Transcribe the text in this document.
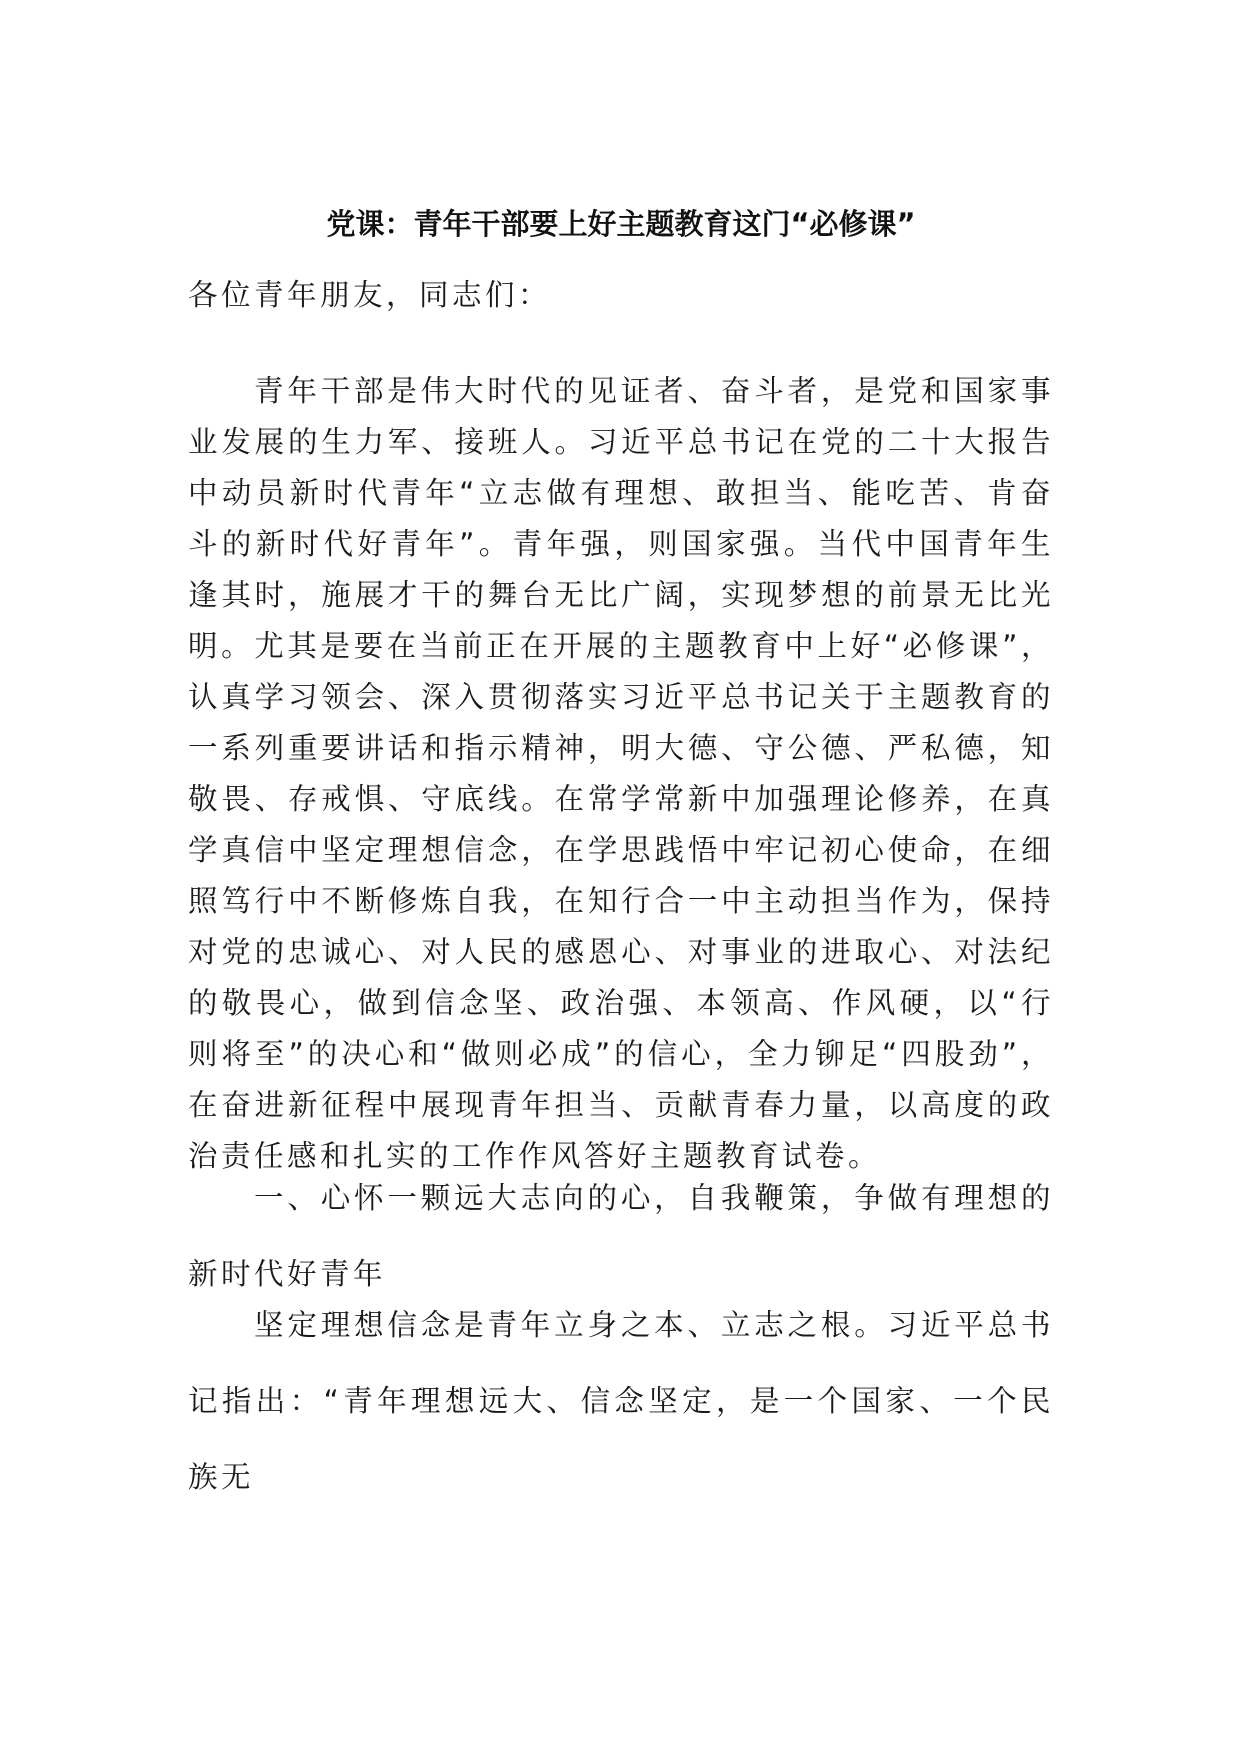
党课：青年干部要上好主题教育这门“必修课”
各位青年朋友，同志们：
青年干部是伟大时代的见证者、奋斗者，是党和国家事业发展的生力军、接班人。习近平总书记在党的二十大报告中动员新时代青年“立志做有理想、敢担当、能吃苦、肯奋斗的新时代好青年”。青年强，则国家强。当代中国青年生逢其时，施展才干的舞台无比广阔，实现梦想的前景无比光明。尤其是要在当前正在开展的主题教育中上好“必修课”，认真学习领会、深入贯彻落实习近平总书记关于主题教育的一系列重要讲话和指示精神，明大德、守公德、严私德，知敬畏、存戒惧、守底线。在常学常新中加强理论修养，在真学真信中坚定理想信念，在学思践悟中牢记初心使命，在细照笃行中不断修炼自我，在知行合一中主动担当作为，保持对党的忠诚心、对人民的感恩心、对事业的进取心、对法纪的敬畏心，做到信念坚、政治强、本领高、作风硬，以“行则将至”的决心和“做则必成”的信心，全力铆足“四股劲”，在奋进新征程中展现青年担当、贡献青春力量，以高度的政治责任感和扎实的工作作风答好主题教育试卷。
一、心怀一颗远大志向的心，自我鞭策，争做有理想的新时代好青年
坚定理想信念是青年立身之本、立志之根。习近平总书记指出：“青年理想远大、信念坚定，是一个国家、一个民族无
